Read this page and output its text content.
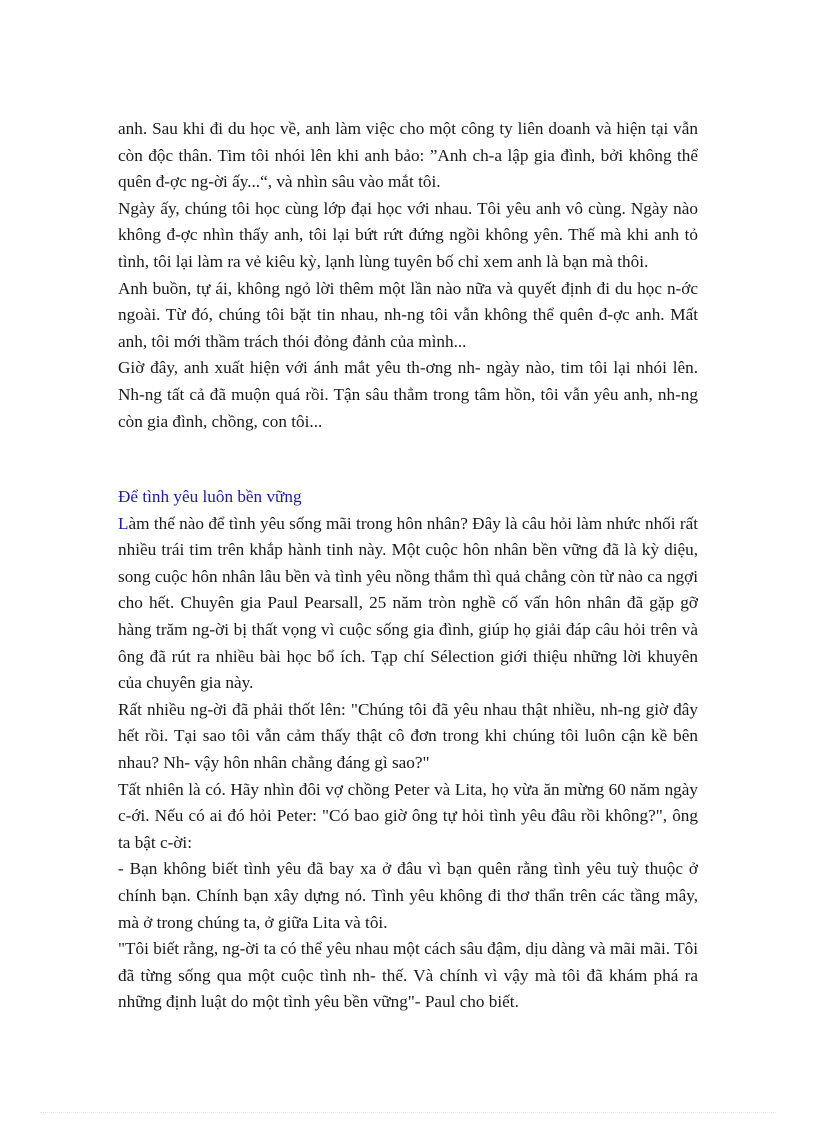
anh. Sau khi đi du học về, anh làm việc cho một công ty liên doanh và hiện tại vẫn còn độc thân. Tim tôi nhói lên khi anh bảo: ”Anh ch-a lập gia đình, bởi không thể quên đ-ợc ng-ời ấy...“, và nhìn sâu vào mắt tôi.

Ngày ấy, chúng tôi học cùng lớp đại học với nhau. Tôi yêu anh vô cùng. Ngày nào không đ-ợc nhìn thấy anh, tôi lại bứt rứt đứng ngồi không yên. Thế mà khi anh tỏ tình, tôi lại làm ra vẻ kiêu kỳ, lạnh lùng tuyên bố chỉ xem anh là bạn mà thôi.

Anh buồn, tự ái, không ngỏ lời thêm một lần nào nữa và quyết định đi du học n-ớc ngoài. Từ đó, chúng tôi bặt tin nhau, nh-ng tôi vẫn không thể quên đ-ợc anh. Mất anh, tôi mới thầm trách thói đỏng đảnh của mình...

Giờ đây, anh xuất hiện với ánh mắt yêu th-ơng nh- ngày nào, tim tôi lại nhói lên. Nh-ng tất cả đã muộn quá rồi. Tận sâu thẳm trong tâm hồn, tôi vẫn yêu anh, nh-ng còn gia đình, chồng, con tôi...

Để tình yêu luôn bền vững

Làm thế nào để tình yêu sống mãi trong hôn nhân? Đây là câu hỏi làm nhức nhối rất nhiều trái tim trên khắp hành tinh này. Một cuộc hôn nhân bền vững đã là kỳ diệu, song cuộc hôn nhân lâu bền và tình yêu nồng thắm thì quả chẳng còn từ nào ca ngợi cho hết. Chuyên gia Paul Pearsall, 25 năm tròn nghề cố vấn hôn nhân đã gặp gỡ hàng trăm ng-ời bị thất vọng vì cuộc sống gia đình, giúp họ giải đáp câu hỏi trên và ông đã rút ra nhiều bài học bổ ích. Tạp chí Sélection giới thiệu những lời khuyên của chuyên gia này.

Rất nhiều ng-ời đã phải thốt lên: "Chúng tôi đã yêu nhau thật nhiều, nh-ng giờ đây hết rồi. Tại sao tôi vẫn cảm thấy thật cô đơn trong khi chúng tôi luôn cận kề bên nhau? Nh- vậy hôn nhân chẳng đáng gì sao?"

Tất nhiên là có. Hãy nhìn đôi vợ chồng Peter và Lita, họ vừa ăn mừng 60 năm ngày c-ới. Nếu có ai đó hỏi Peter: "Có bao giờ ông tự hỏi tình yêu đâu rồi không?", ông ta bật c-ời:

- Bạn không biết tình yêu đã bay xa ở đâu vì bạn quên rằng tình yêu tuỳ thuộc ở chính bạn. Chính bạn xây dựng nó. Tình yêu không đi thơ thẩn trên các tầng mây, mà ở trong chúng ta, ở giữa Lita và tôi.

"Tôi biết rằng, ng-ời ta có thể yêu nhau một cách sâu đậm, dịu dàng và mãi mãi. Tôi đã từng sống qua một cuộc tình nh- thế. Và chính vì vậy mà tôi đã khám phá ra những định luật do một tình yêu bền vững"- Paul cho biết.
